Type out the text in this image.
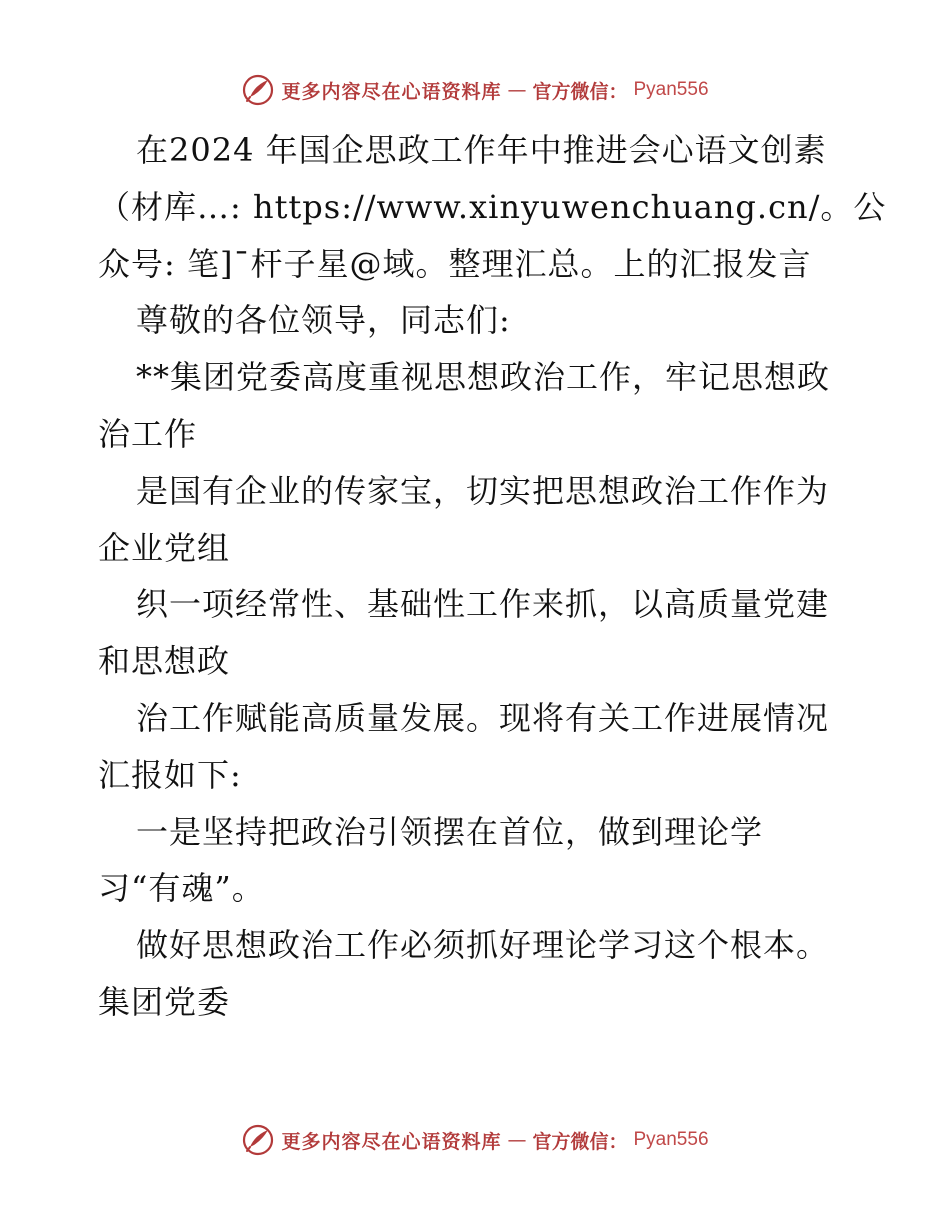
更多内容尽在心语资料库 — 官方微信： Pyan556
在2024 年国企思政工作年中推进会心语文创素
（材库…: https://www.xinyuwenchuang.cn/。公
众号: 笔]¯杆子星@域。整理汇总。上的汇报发言
尊敬的各位领导，同志们:
**集团党委高度重视思想政治工作，牢记思想政
治工作
是国有企业的传家宝，切实把思想政治工作作为
企业党组
织一项经常性、基础性工作来抓，以高质量党建
和思想政
治工作赋能高质量发展。现将有关工作进展情况
汇报如下:
一是坚持把政治引领摆在首位，做到理论学
习“有魂”。
做好思想政治工作必须抓好理论学习这个根本。
集团党委
更多内容尽在心语资料库 — 官方微信： Pyan556
